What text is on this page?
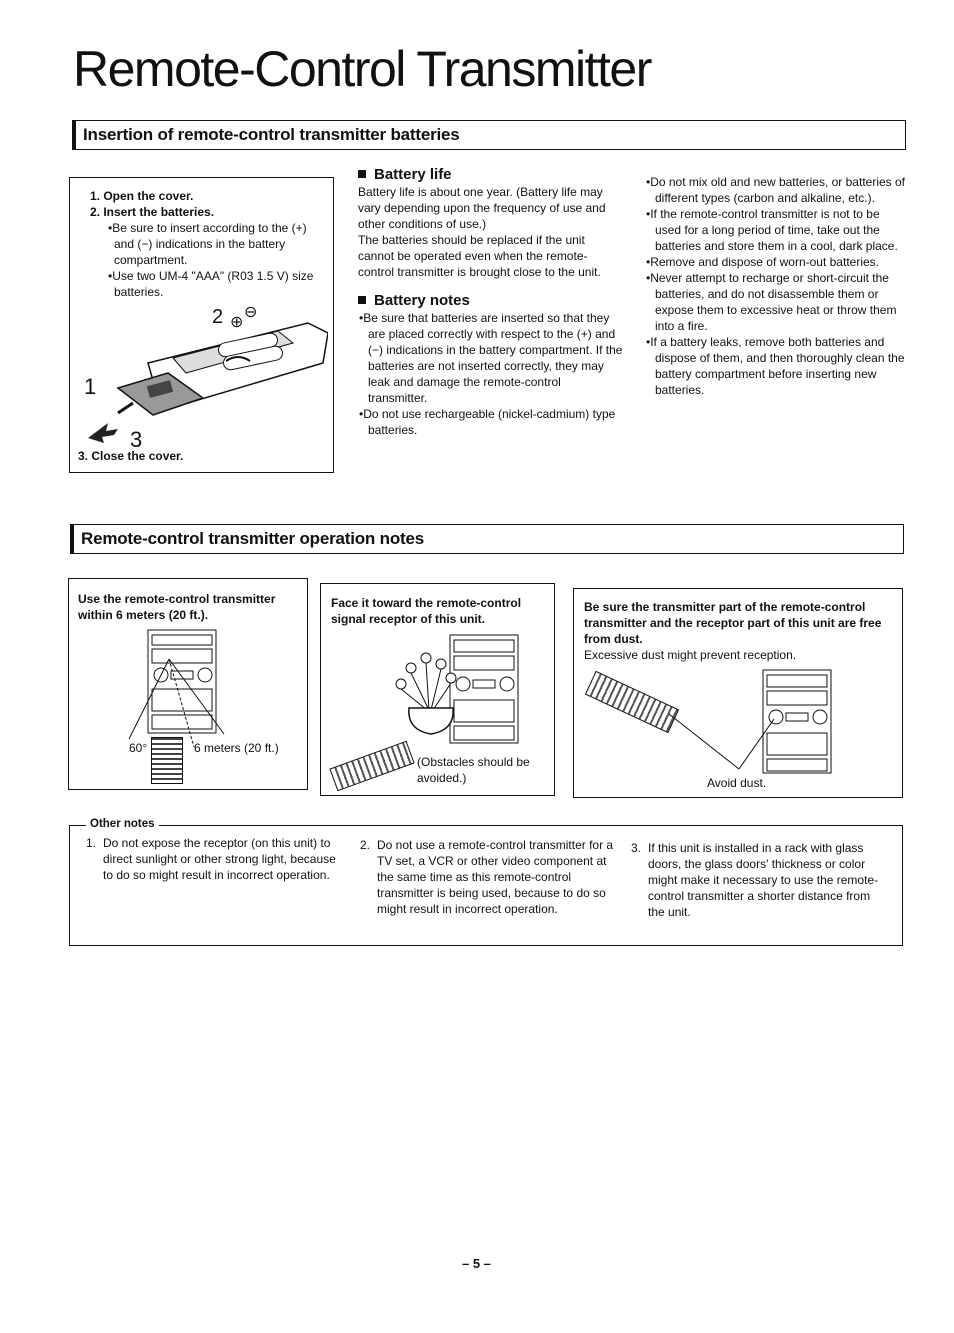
Remote-Control Transmitter
Insertion of remote-control transmitter batteries

1. Open the cover.

2. Insert the batteries.

•Be sure to insert according to the (+) and (−) indications in the battery compartment.

•Use two UM-4 "AAA" (R03 1.5 V) size batteries.

1
2
3
⊕
⊖

3. Close the cover.

Battery life

Battery life is about one year. (Battery life may vary depending upon the frequency of use and other conditions of use.)

The batteries should be replaced if the unit cannot be operated even when the remote-control transmitter is brought close to the unit.

Battery notes

•Be sure that batteries are inserted so that they are placed correctly with respect to the (+) and (−) indications in the battery compartment. If the batteries are not inserted correctly, they may leak and damage the remote-control transmitter.

•Do not use rechargeable (nickel-cadmium) type batteries.

•Do not mix old and new batteries, or batteries of different types (carbon and alkaline, etc.).

•If the remote-control transmitter is not to be used for a long period of time, take out the batteries and store them in a cool, dark place.

•Remove and dispose of worn-out batteries.

•Never attempt to recharge or short-circuit the batteries, and do not disassemble them or expose them to excessive heat or throw them into a fire.

•If a battery leaks, remove both batteries and dispose of them, and then thoroughly clean the battery compartment before inserting new batteries.

Remote-control transmitter operation notes

Use the remote-control transmitter within 6 meters (20 ft.).

60°	6 meters (20 ft.)

Face it toward the remote-control signal receptor of this unit.

(Obstacles should be avoided.)

Be sure the transmitter part of the remote-control transmitter and the receptor part of this unit are free from dust.

Excessive dust might prevent reception.

Avoid dust.
Other notes
1. Do not expose the receptor (on this unit) to direct sunlight or other strong light, because to do so might result in incorrect operation.

2. Do not use a remote-control transmitter for a TV set, a VCR or other video component at the same time as this remote-control transmitter is being used, because to do so might result in incorrect operation.

3. If this unit is installed in a rack with glass doors, the glass doors' thickness or color might make it necessary to use the remote-control transmitter a shorter distance from the unit.

– 5 –
